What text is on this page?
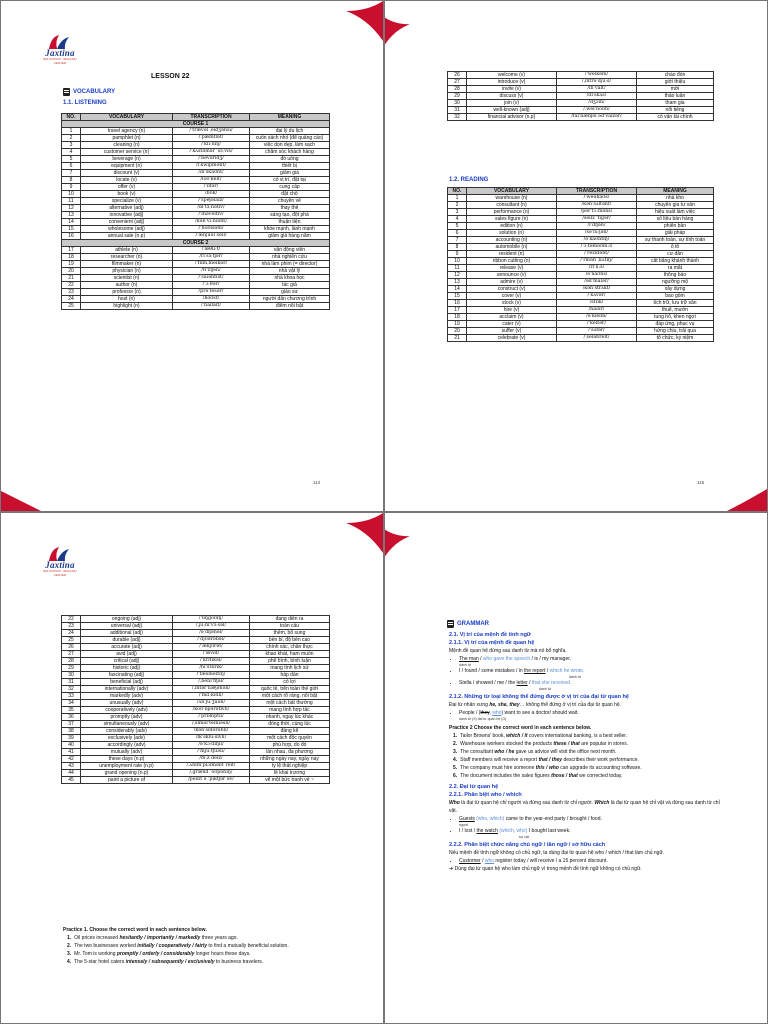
Jaxtina
EDUCATION · ENGLISH CENTER
LESSON 22
VOCABULARY
1.1. LISTENING
NO.	VOCABULARY	TRANSCRIPTION	MEANING
COURSE 1			
1	travel agency (n)	/ˈtrævəl ˌeɪdʒənsi/	đại lý du lịch
2	pamphlet (n)	/ˈpæmflət/	cuốn sách nhỏ (để quảng cáo)
3	cleaning (n)	/ˈkliːnɪŋ/	việc dọn dẹp, làm sạch
4	customer service (n)	/ˈkʌstəmər ˈsɜːvɪs/	chăm sóc khách hàng
5	beverage (n)	/ˈbevərɪdʒ/	đồ uống
6	equipment (n)	/ɪˈkwɪpmənt/	thiết bị
7	discount (v)	/dɪˈskaʊnt/	giảm giá
8	locate (v)	/loʊˈkeɪt/	có vị trí, đặt tại
9	offer (v)	/ˈɒfər/	cung cấp
10	book (v)	/bʊk/	đặt chỗ
11	specialize (v)	/ˈspeʃəlaɪz/	chuyên về
12	alternative (adj)	/ɒlˈtɜːnətɪv/	thay thế
13	innovative (adj)	/ˈɪnəveɪtɪv/	sáng tạo, đột phá
14	convenient (adj)	/kənˈviːniənt/	thuận tiện
15	wholesome (adj)	/ˈhoʊlsəm/	khỏe mạnh, lành mạnh
16	annual sale (n.p)	/ˈænjuəl seɪl/	giảm giá hàng năm
COURSE 2			
17	athlete (n)	/ˈæθliːt/	vận động viên
18	researcher (n)	/rɪˈsɜːtʃər/	nhà nghiên cứu
19	filmmaker (n)	/ˈfɪlmˌmeɪkər/	nhà làm phim (= director)
20	physician (n)	/fɪˈzɪʃən/	nhà vật lý
21	scientist (n)	/ˈsaɪəntɪst/	nhà khoa học
22	author (n)	/ˈɔːθər/	tác giả
23	professor (n)	/prəˈfesər/	giáo sư
24	host (n)	/hoʊst/	người dẫn chương trình
25	highlight (n)	/ˈhaɪlaɪt/	điểm nổi bật
114
26	welcome (v)	/ˈwelkəm/	chào đón
27	introduce (v)	/ˌɪntrəˈdjuːs/	giới thiệu
28	invite (v)	/ɪnˈvaɪt/	mời
29	discuss (v)	/dɪˈskʌs/	thảo luận
30	join (v)	/dʒɔɪn/	tham gia
31	well-known (adj)	/ˌwelˈnoʊn/	nổi tiếng
32	financial advisor (n.p)	/faɪˈnænʃəl ədˈvaɪzər/	cố vấn tài chính
1.2. READING
NO.	VOCABULARY	TRANSCRIPTION	MEANING
1	warehouse (n)	/ˈweəhaʊs/	nhà kho
2	consultant (n)	/kənˈsʌltənt/	chuyên gia tư vấn
3	performance (n)	/pərˈfɔːməns/	hiệu suất làm việc
4	sales figure (n)	/seɪlz ˈfɪgər/	số liệu bán hàng
5	edition (n)	/ɪˈdɪʃən/	phiên bản
6	solution (n)	/səˈluːʃən/	giải pháp
7	accounting (n)	/əˈkaʊntɪŋ/	sự thanh toán, sự tính toán
8	automobile (n)	/ˈɔːtəməʊbiːl/	ô tô
9	resident (n)	/ˈrezɪdənt/	cư dân
10	ribbon cutting (n)	/ˈrɪbən ˌkʌtɪŋ/	cắt băng khánh thành
11	release (v)	/rɪˈliːs/	ra mắt
12	announce (v)	/əˈnaʊns/	thông báo
13	admire (v)	/ədˈmaɪər/	ngưỡng mộ
14	construct (v)	/kənˈstrʌkt/	xây dựng
15	cover (v)	/ˈkʌvər/	bao gồm
16	stock (v)	/stɒk/	tích trữ, lưu trữ sẵn
17	hire (v)	/haɪər/	thuê, mướn
18	acclaim (v)	/əˈkleɪm/	tung hô, khen ngợi
19	cater (v)	/ˈkeɪtər/	đáp ứng, phục vụ
20	suffer (v)	/ˈsʌfər/	hứng chịu, trải qua
21	celebrate (v)	/ˈseləbreɪt/	tổ chức, kỷ niệm
115
Jaxtina
EDUCATION · ENGLISH CENTER
22	ongoing (adj)	/ˈɒŋgoʊɪŋ/	đang diễn ra
23	universal (adj)	/ˌjuːnɪˈvɜːsəl/	toàn cầu
24	additional (adj)	/əˈdɪʃənəl/	thêm, bổ sung
25	durable (adj)	/ˈdjʊərəbəl/	bền bỉ, độ bền cao
26	accurate (adj)	/ˈækjʊrət/	chính xác, chân thực
27	avid (adj)	/ˈævɪd/	khao khát, ham muốn
28	critical (adj)	/ˈkrɪtɪkəl/	phê bình, bình luận
29	historic (adj)	/hɪˈstɒrɪk/	mang tính lịch sử
30	fascinating (adj)	/ˈfæsɪneɪtɪŋ/	hấp dẫn
31	beneficial (adj)	/ˌbenɪˈfɪʃəl/	có lợi
32	internationally (adv)	/ˌɪntərˈnæʃənəli/	quốc tế, trên toàn thế giới
33	markedly (adv)	/ˈmɑːkɪdli/	một cách rõ ràng, nổi bật
34	unusually (adv)	/ʌnˈjuːʒuəli/	một cách bất thường
35	cooperatively (adv)	/koʊˈɒpərətɪvli/	mang tính hợp tác
36	promptly (adv)	/ˈprɒmptli/	nhanh, ngay lúc khác
37	simultaneously (adv)	/ˌsɪməlˈteɪniəsli/	đồng thời, cùng lúc
38	considerably (adv)	/kənˈsɪdərəbli/	đáng kể
39	exclusively (adv)	/ɪkˈskluːsɪvli/	một cách độc quyền
40	accordingly (adv)	/əˈkɔːdɪŋli/	phù hợp, do đó
41	mutually (adv)	/ˈmjuːtʃuəli/	lẫn nhau, đa phương
42	these days (n.p)	/ðiːz deɪz/	những ngày nay, ngày nay
43	unemployment rate (n.p)	/ˌʌnɪmˈplɔɪmənt reɪt/	tỷ lệ thất nghiệp
44	grand opening (n.p)	/ˌgrænd ˈoʊpənɪŋ/	lễ khai trương
45	paint a picture of	/peɪnt ə ˈpɪktʃər əv/	vẽ một bức tranh về ~
Practice 1. Choose the correct word in each sentence below.
1. Oil prices increased hesitantly / importantly / markedly three years ago.
2. The two businesses worked initially / cooperatively / fairly to find a mutually beneficial solution.
3. Mr. Tom is working promptly / orderly / considerably longer hours these days.
4. The 5-star hotel caters intensely / subsequently / exclusively to business travelers.
GRAMMAR
2.1. Vị trí của mệnh đề tính ngữ
2.1.1. Vị trí của mệnh đề quan hệ
Mệnh đề quan hệ đứng sau danh từ mà nó bổ nghĩa.
• The man / who gave the speech / is / my manager.
danh từ
• I / found / some mistakes / in the report / which he wrote.
danh từ
• Stella / showed / me / the letter / that she received.
danh từ
2.1.2. Những từ loại không thể đứng được ở vị trí của đại từ quan hệ
Đại từ nhân xưng he, she, they… không thể đứng ở vị trí của đại từ quan hệ.
• People / (they, who) want to see a doctor/ should wait.
danh từ (X) đại từ quan hệ (O)
Practice 2 Choose the correct word in each sentence below.
1. Tailor Browns' book, which / it covers international banking, is a best seller.
2. Warehouse workers stocked the products these / that are popular in stores.
3. The consultant who / he gave us advice will visit the office next month.
4. Staff members will receive a report that / they describes their work performance.
5. The company must hire someone this / who can upgrade its accounting software.
6. The document includes the sales figures those / that we corrected today.
2.2. Đại từ quan hệ
2.2.1. Phân biệt who / which
Who là đại từ quan hệ chỉ người và đứng sau danh từ chỉ người. Which là đại từ quan hệ chỉ vật và đứng sau danh từ chỉ vật.
• Guests (who, which) came to the year-end party / brought / food.
người
• I / lost / the watch (which, who) I bought last week.
sự vật
2.2.2. Phân biệt chức năng chủ ngữ / tân ngữ / sở hữu cách
Nếu mệnh đề tính ngữ không có chủ ngữ, ta dùng đại từ quan hệ who / which / that làm chủ ngữ.
• Customer / who register today / will receive / a 15 percent discount.
➔ Dùng đại từ quan hệ who làm chủ ngữ vì trong mệnh đề tính ngữ không có chủ ngữ.
